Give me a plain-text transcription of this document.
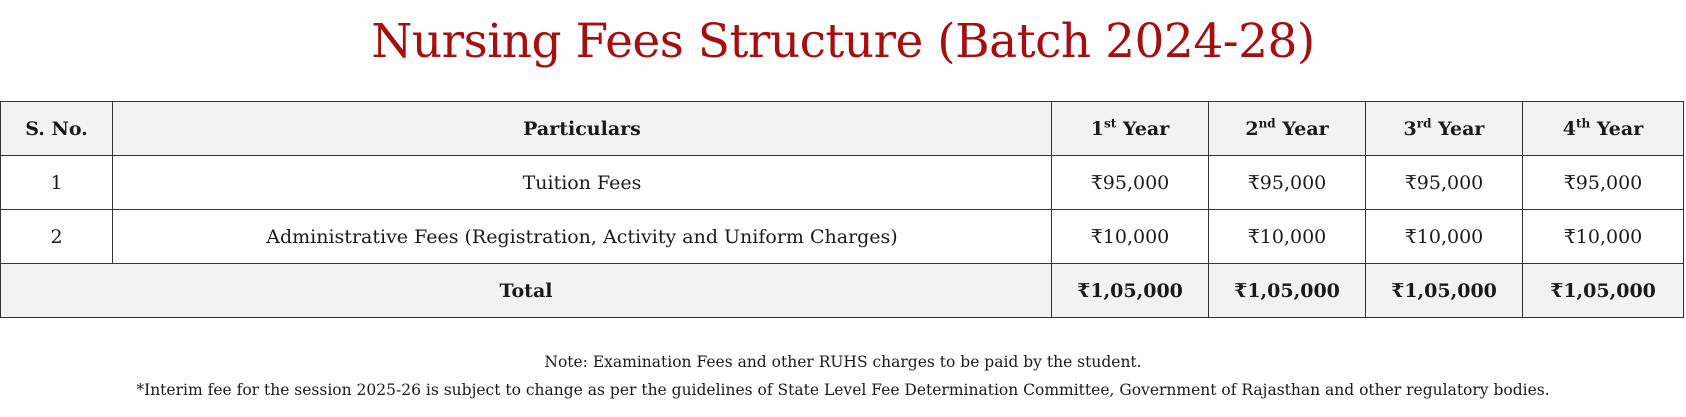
Nursing Fees Structure (Batch 2024-28)
S. No.	Particulars	1st Year	2nd Year	3rd Year	4th Year
1	Tuition Fees	₹95,000	₹95,000	₹95,000	₹95,000
2	Administrative Fees (Registration, Activity and Uniform Charges)	₹10,000	₹10,000	₹10,000	₹10,000
Total		₹1,05,000	₹1,05,000	₹1,05,000	₹1,05,000

Note: Examination Fees and other RUHS charges to be paid by the student.

*Interim fee for the session 2025-26 is subject to change as per the guidelines of State Level Fee Determination Committee, Government of Rajasthan and other regulatory bodies.
